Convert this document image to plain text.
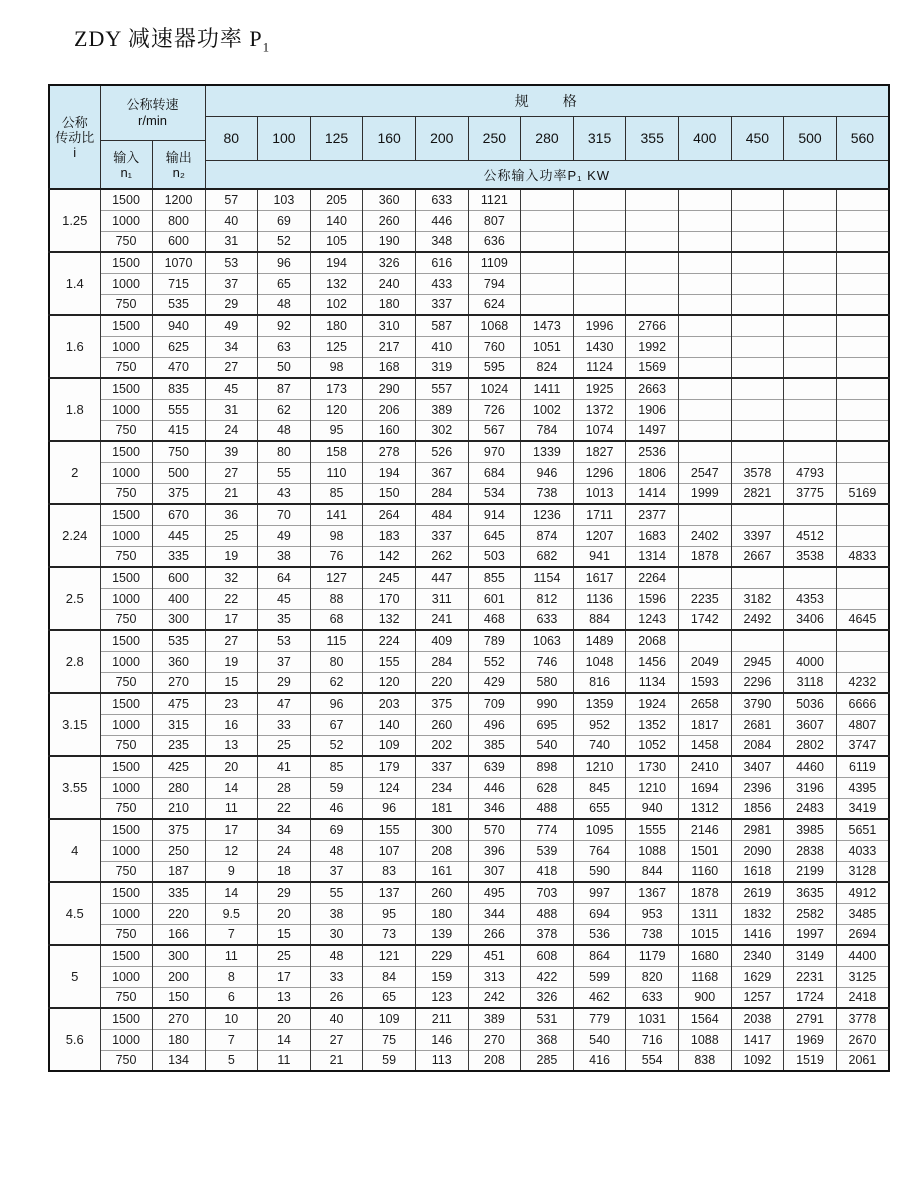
ZDY 减速器功率 $P_1$
公称
传动比
i

公称转速
r/min
输入
n₁
输出
n₂
	规　　格
			80	100	125	160	200	250	280	315	355	400	450	500	560
			公称输入功率P₁ KW												
1.25	1500	1200	57	103	205	360	633	1121							
	1000	800	40	69	140	260	446	807							
	750	600	31	52	105	190	348	636							
1.4	1500	1070	53	96	194	326	616	1109							
	1000	715	37	65	132	240	433	794							
	750	535	29	48	102	180	337	624							
1.6	1500	940	49	92	180	310	587	1068	1473	1996	2766				
	1000	625	34	63	125	217	410	760	1051	1430	1992				
	750	470	27	50	98	168	319	595	824	1124	1569				
1.8	1500	835	45	87	173	290	557	1024	1411	1925	2663				
	1000	555	31	62	120	206	389	726	1002	1372	1906				
	750	415	24	48	95	160	302	567	784	1074	1497				
2	1500	750	39	80	158	278	526	970	1339	1827	2536				
	1000	500	27	55	110	194	367	684	946	1296	1806	2547	3578	4793	
	750	375	21	43	85	150	284	534	738	1013	1414	1999	2821	3775	5169
2.24	1500	670	36	70	141	264	484	914	1236	1711	2377				
	1000	445	25	49	98	183	337	645	874	1207	1683	2402	3397	4512	
	750	335	19	38	76	142	262	503	682	941	1314	1878	2667	3538	4833
2.5	1500	600	32	64	127	245	447	855	1154	1617	2264				
	1000	400	22	45	88	170	311	601	812	1136	1596	2235	3182	4353	
	750	300	17	35	68	132	241	468	633	884	1243	1742	2492	3406	4645
2.8	1500	535	27	53	115	224	409	789	1063	1489	2068				
	1000	360	19	37	80	155	284	552	746	1048	1456	2049	2945	4000	
	750	270	15	29	62	120	220	429	580	816	1134	1593	2296	3118	4232
3.15	1500	475	23	47	96	203	375	709	990	1359	1924	2658	3790	5036	6666
	1000	315	16	33	67	140	260	496	695	952	1352	1817	2681	3607	4807
	750	235	13	25	52	109	202	385	540	740	1052	1458	2084	2802	3747
3.55	1500	425	20	41	85	179	337	639	898	1210	1730	2410	3407	4460	6119
	1000	280	14	28	59	124	234	446	628	845	1210	1694	2396	3196	4395
	750	210	11	22	46	96	181	346	488	655	940	1312	1856	2483	3419
4	1500	375	17	34	69	155	300	570	774	1095	1555	2146	2981	3985	5651
	1000	250	12	24	48	107	208	396	539	764	1088	1501	2090	2838	4033
	750	187	9	18	37	83	161	307	418	590	844	1160	1618	2199	3128
4.5	1500	335	14	29	55	137	260	495	703	997	1367	1878	2619	3635	4912
	1000	220	9.5	20	38	95	180	344	488	694	953	1311	1832	2582	3485
	750	166	7	15	30	73	139	266	378	536	738	1015	1416	1997	2694
5	1500	300	11	25	48	121	229	451	608	864	1179	1680	2340	3149	4400
	1000	200	8	17	33	84	159	313	422	599	820	1168	1629	2231	3125
	750	150	6	13	26	65	123	242	326	462	633	900	1257	1724	2418
5.6	1500	270	10	20	40	109	211	389	531	779	1031	1564	2038	2791	3778
	1000	180	7	14	27	75	146	270	368	540	716	1088	1417	1969	2670
	750	134	5	11	21	59	113	208	285	416	554	838	1092	1519	2061
